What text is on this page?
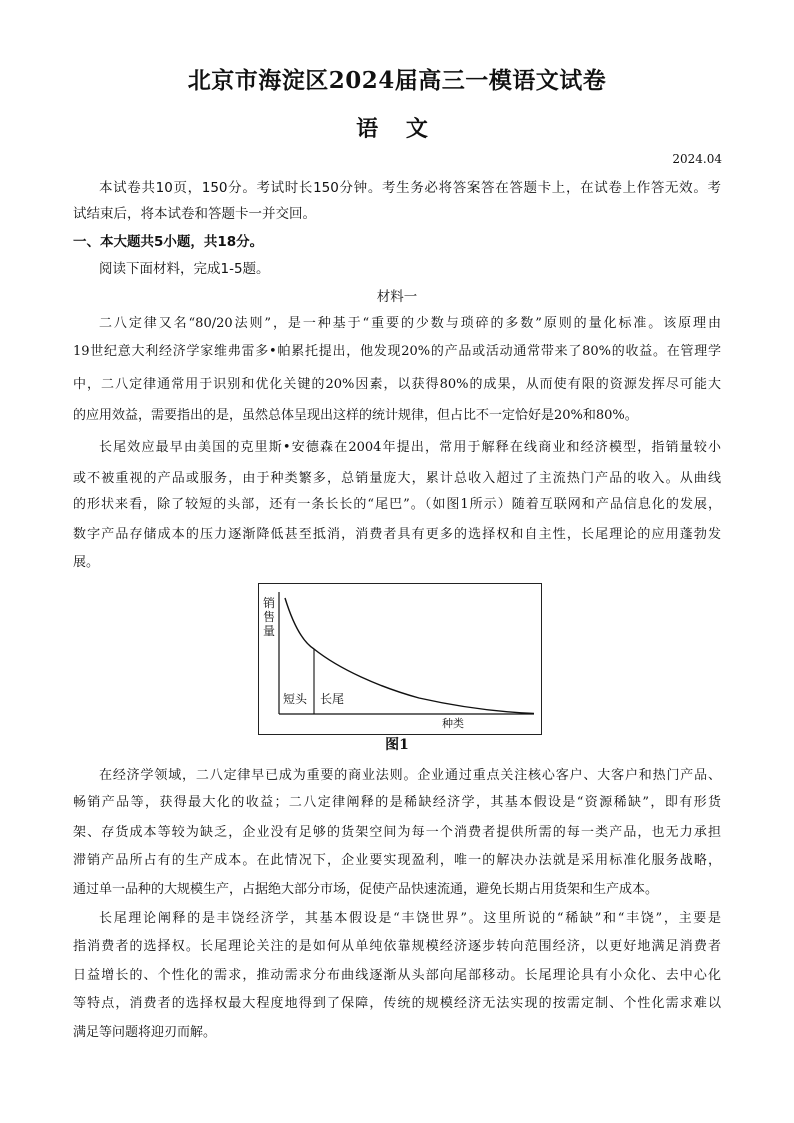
北京市海淀区2024届高三一模语文试卷
语 文
2024.04
本试卷共10页，150分。考试时长150分钟。考生务必将答案答在答题卡上，在试卷上作答无效。考
试结束后，将本试卷和答题卡一并交回。
一、本大题共5小题，共18分。
阅读下面材料，完成1-5题。
材料一
二八定律又名“80/20法则”，是一种基于“重要的少数与琐碎的多数”原则的量化标准。该原理由
19世纪意大利经济学家维弗雷多•帕累托提出，他发现20%的产品或活动通常带来了80%的收益。在管理学
中，二八定律通常用于识别和优化关键的20%因素，以获得80%的成果，从而使有限的资源发挥尽可能大
的应用效益，需要指出的是，虽然总体呈现出这样的统计规律，但占比不一定恰好是20%和80%。
长尾效应最早由美国的克里斯•安德森在2004年提出，常用于解释在线商业和经济模型，指销量较小
或不被重视的产品或服务，由于种类繁多，总销量庞大，累计总收入超过了主流热门产品的收入。从曲线
的形状来看，除了较短的头部，还有一条长长的“尾巴”。（如图1所示）随着互联网和产品信息化的发展，
数字产品存储成本的压力逐渐降低甚至抵消，消费者具有更多的选择权和自主性，长尾理论的应用蓬勃发
展。
销售量
短头 长尾
种类
图1
在经济学领域，二八定律早已成为重要的商业法则。企业通过重点关注核心客户、大客户和热门产品、
畅销产品等，获得最大化的收益；二八定律阐释的是稀缺经济学，其基本假设是“资源稀缺”，即有形货
架、存货成本等较为缺乏，企业没有足够的货架空间为每一个消费者提供所需的每一类产品，也无力承担
滞销产品所占有的生产成本。在此情况下，企业要实现盈利，唯一的解决办法就是采用标准化服务战略，
通过单一品种的大规模生产，占据绝大部分市场，促使产品快速流通，避免长期占用货架和生产成本。
长尾理论阐释的是丰饶经济学，其基本假设是“丰饶世界”。这里所说的“稀缺”和“丰饶”，主要是
指消费者的选择权。长尾理论关注的是如何从单纯依靠规模经济逐步转向范围经济，以更好地满足消费者
日益增长的、个性化的需求，推动需求分布曲线逐渐从头部向尾部移动。长尾理论具有小众化、去中心化
等特点，消费者的选择权最大程度地得到了保障，传统的规模经济无法实现的按需定制、个性化需求难以
满足等问题将迎刃而解。
